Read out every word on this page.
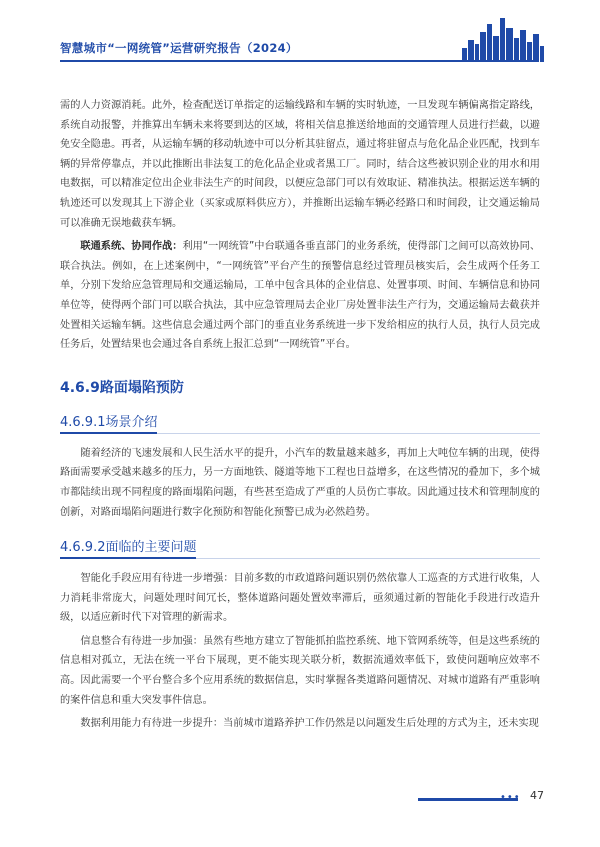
智慧城市“一网统管”运营研究报告（2024）

需的人力资源消耗。此外，检查配送订单指定的运输线路和车辆的实时轨迹，一旦发现车辆偏离指定路线，系统自动报警，并推算出车辆未来将要到达的区域，将相关信息推送给地面的交通管理人员进行拦截，以避免安全隐患。再者，从运输车辆的移动轨迹中可以分析其驻留点，通过将驻留点与危化品企业匹配，找到车辆的异常停靠点，并以此推断出非法复工的危化品企业或者黑工厂。同时，结合这些被识别企业的用水和用电数据，可以精准定位出企业非法生产的时间段，以便应急部门可以有效取证、精准执法。根据运送车辆的轨迹还可以发现其上下游企业（买家或原料供应方），并推断出运输车辆必经路口和时间段，让交通运输局可以准确无误地截获车辆。

联通系统、协同作战：利用“一网统管”中台联通各垂直部门的业务系统，使得部门之间可以高效协同、联合执法。例如，在上述案例中，“一网统管”平台产生的预警信息经过管理员核实后，会生成两个任务工单，分别下发给应急管理局和交通运输局，工单中包含具体的企业信息、处置事项、时间、车辆信息和协同单位等，使得两个部门可以联合执法，其中应急管理局去企业厂房处置非法生产行为，交通运输局去截获并处置相关运输车辆。这些信息会通过两个部门的垂直业务系统进一步下发给相应的执行人员，执行人员完成任务后，处置结果也会通过各自系统上报汇总到“一网统管”平台。

4.6.9路面塌陷预防
4.6.9.1场景介绍

随着经济的飞速发展和人民生活水平的提升，小汽车的数量越来越多，再加上大吨位车辆的出现，使得路面需要承受越来越多的压力，另一方面地铁、隧道等地下工程也日益增多，在这些情况的叠加下，多个城市都陆续出现不同程度的路面塌陷问题，有些甚至造成了严重的人员伤亡事故。因此通过技术和管理制度的创新，对路面塌陷问题进行数字化预防和智能化预警已成为必然趋势。

4.6.9.2面临的主要问题

智能化手段应用有待进一步增强：目前多数的市政道路问题识别仍然依靠人工巡查的方式进行收集，人力消耗非常庞大，问题处理时间冗长，整体道路问题处置效率滞后，亟须通过新的智能化手段进行改造升级，以适应新时代下对管理的新需求。

信息整合有待进一步加强：虽然有些地方建立了智能抓拍监控系统、地下管网系统等，但是这些系统的信息相对孤立，无法在统一平台下展现，更不能实现关联分析，数据流通效率低下，致使问题响应效率不高。因此需要一个平台整合多个应用系统的数据信息，实时掌握各类道路问题情况、对城市道路有严重影响的案件信息和重大突发事件信息。

数据利用能力有待进一步提升：当前城市道路养护工作仍然是以问题发生后处理的方式为主，还未实现

••• 47
